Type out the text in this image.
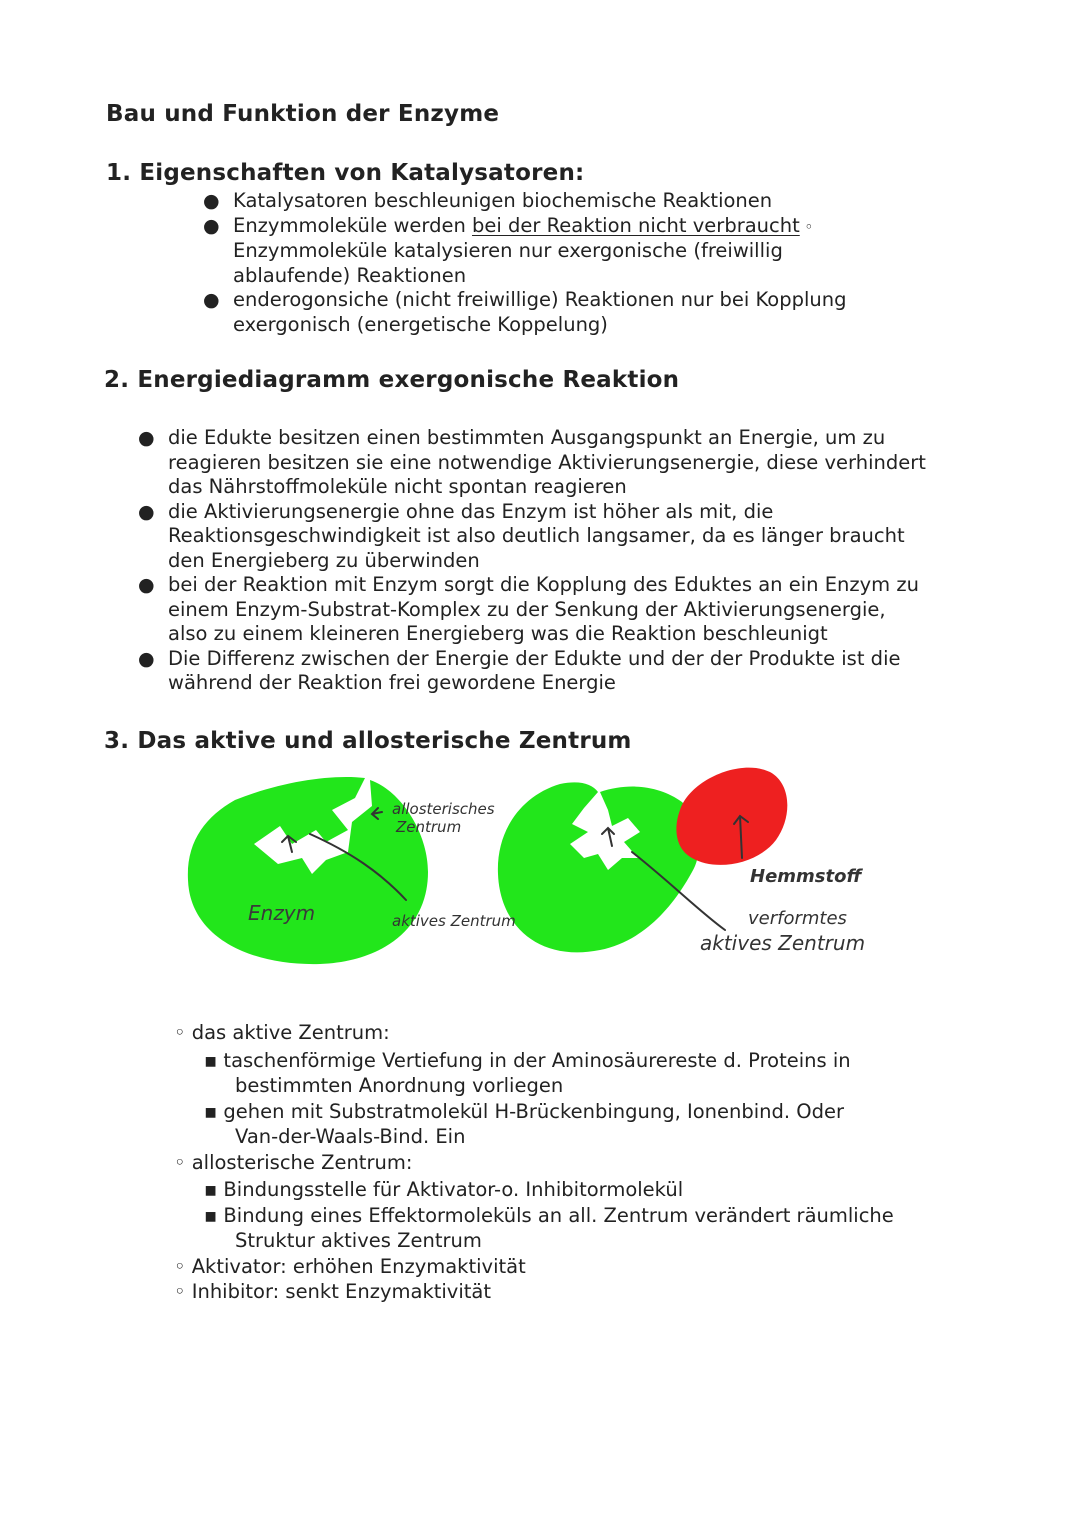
Bau und Funktion der Enzyme
1. Eigenschaften von Katalysatoren:
● Katalysatoren beschleunigen biochemische Reaktionen
● Enzymmoleküle werden bei der Reaktion nicht verbraucht ◦
Enzymmoleküle katalysieren nur exergonische (freiwillig
ablaufende) Reaktionen
● enderogonsiche (nicht freiwillige) Reaktionen nur bei Kopplung
exergonisch (energetische Koppelung)
2. Energiediagramm exergonische Reaktion
● die Edukte besitzen einen bestimmten Ausgangspunkt an Energie, um zu
reagieren besitzen sie eine notwendige Aktivierungsenergie, diese verhindert
das Nährstoffmoleküle nicht spontan reagieren
● die Aktivierungsenergie ohne das Enzym ist höher als mit, die
Reaktionsgeschwindigkeit ist also deutlich langsamer, da es länger braucht
den Energieberg zu überwinden
● bei der Reaktion mit Enzym sorgt die Kopplung des Eduktes an ein Enzym zu
einem Enzym-Substrat-Komplex zu der Senkung der Aktivierungsenergie,
also zu einem kleineren Energieberg was die Reaktion beschleunigt
● Die Differenz zwischen der Energie der Edukte und der der Produkte ist die
während der Reaktion frei gewordene Energie
3. Das aktive und allosterische Zentrum
allosterisches
Zentrum
Enzym	aktives Zentrum
Hemmstoff
verformtes
aktives Zentrum
◦ das aktive Zentrum:
▪ taschenförmige Vertiefung in der Aminosäurereste d. Proteins in
bestimmten Anordnung vorliegen
▪ gehen mit Substratmolekül H-Brückenbingung, Ionenbind. Oder
Van-der-Waals-Bind. Ein
◦ allosterische Zentrum:
▪ Bindungsstelle für Aktivator-o. Inhibitormolekül
▪ Bindung eines Effektormoleküls an all. Zentrum verändert räumliche
Struktur aktives Zentrum
◦ Aktivator: erhöhen Enzymaktivität
◦ Inhibitor: senkt Enzymaktivität
